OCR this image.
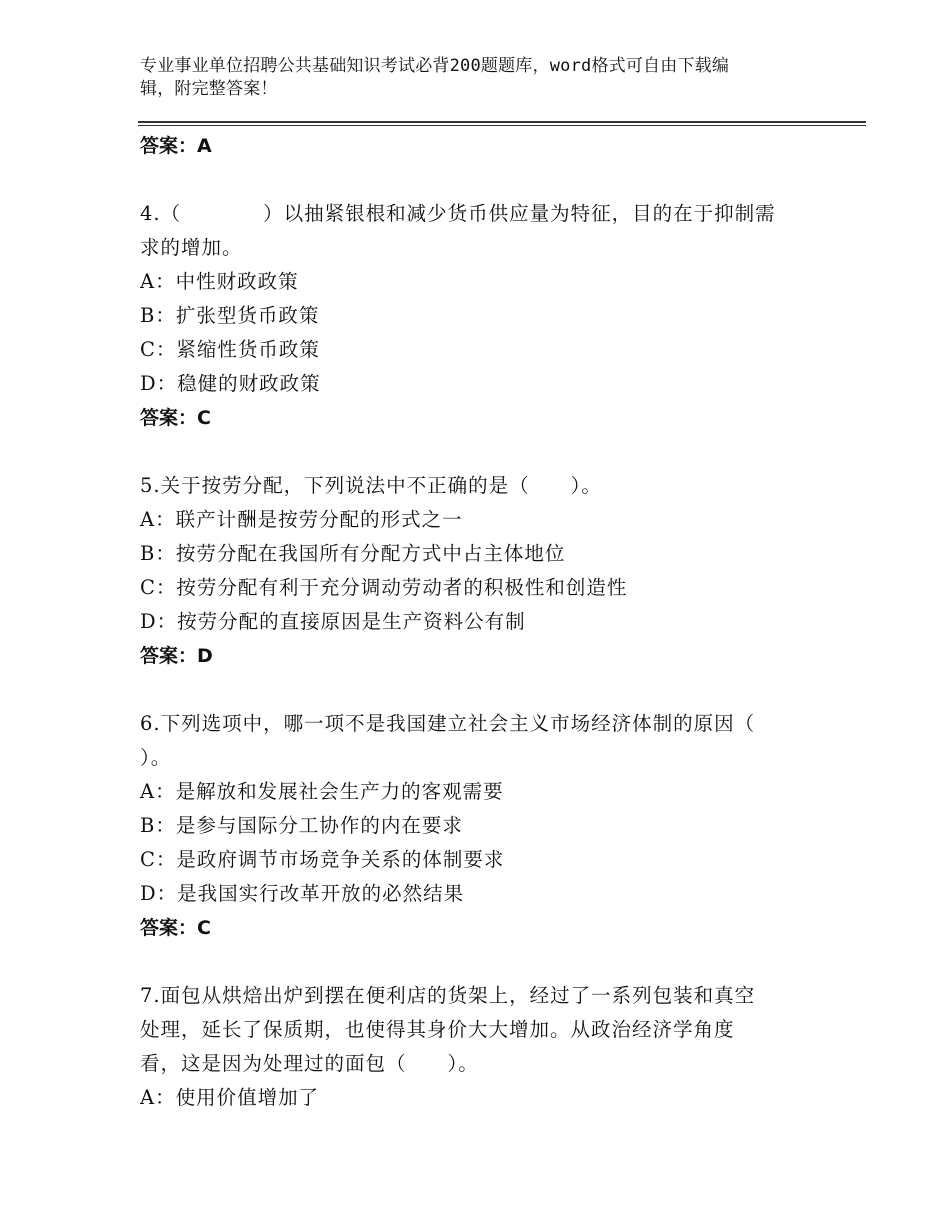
专业事业单位招聘公共基础知识考试必背200题题库，word格式可自由下载编
辑，附完整答案！
答案：A
4.（　　　　）以抽紧银根和减少货币供应量为特征，目的在于抑制需
求的增加。
A：中性财政政策
B：扩张型货币政策
C：紧缩性货币政策
D：稳健的财政政策
答案：C
5.关于按劳分配，下列说法中不正确的是（　　）。
A：联产计酬是按劳分配的形式之一
B：按劳分配在我国所有分配方式中占主体地位
C：按劳分配有利于充分调动劳动者的积极性和创造性
D：按劳分配的直接原因是生产资料公有制
答案：D
6.下列选项中，哪一项不是我国建立社会主义市场经济体制的原因（
）。
A：是解放和发展社会生产力的客观需要
B：是参与国际分工协作的内在要求
C：是政府调节市场竞争关系的体制要求
D：是我国实行改革开放的必然结果
答案：C
7.面包从烘焙出炉到摆在便利店的货架上，经过了一系列包装和真空
处理，延长了保质期，也使得其身价大大增加。从政治经济学角度
看，这是因为处理过的面包（　　）。
A：使用价值增加了
